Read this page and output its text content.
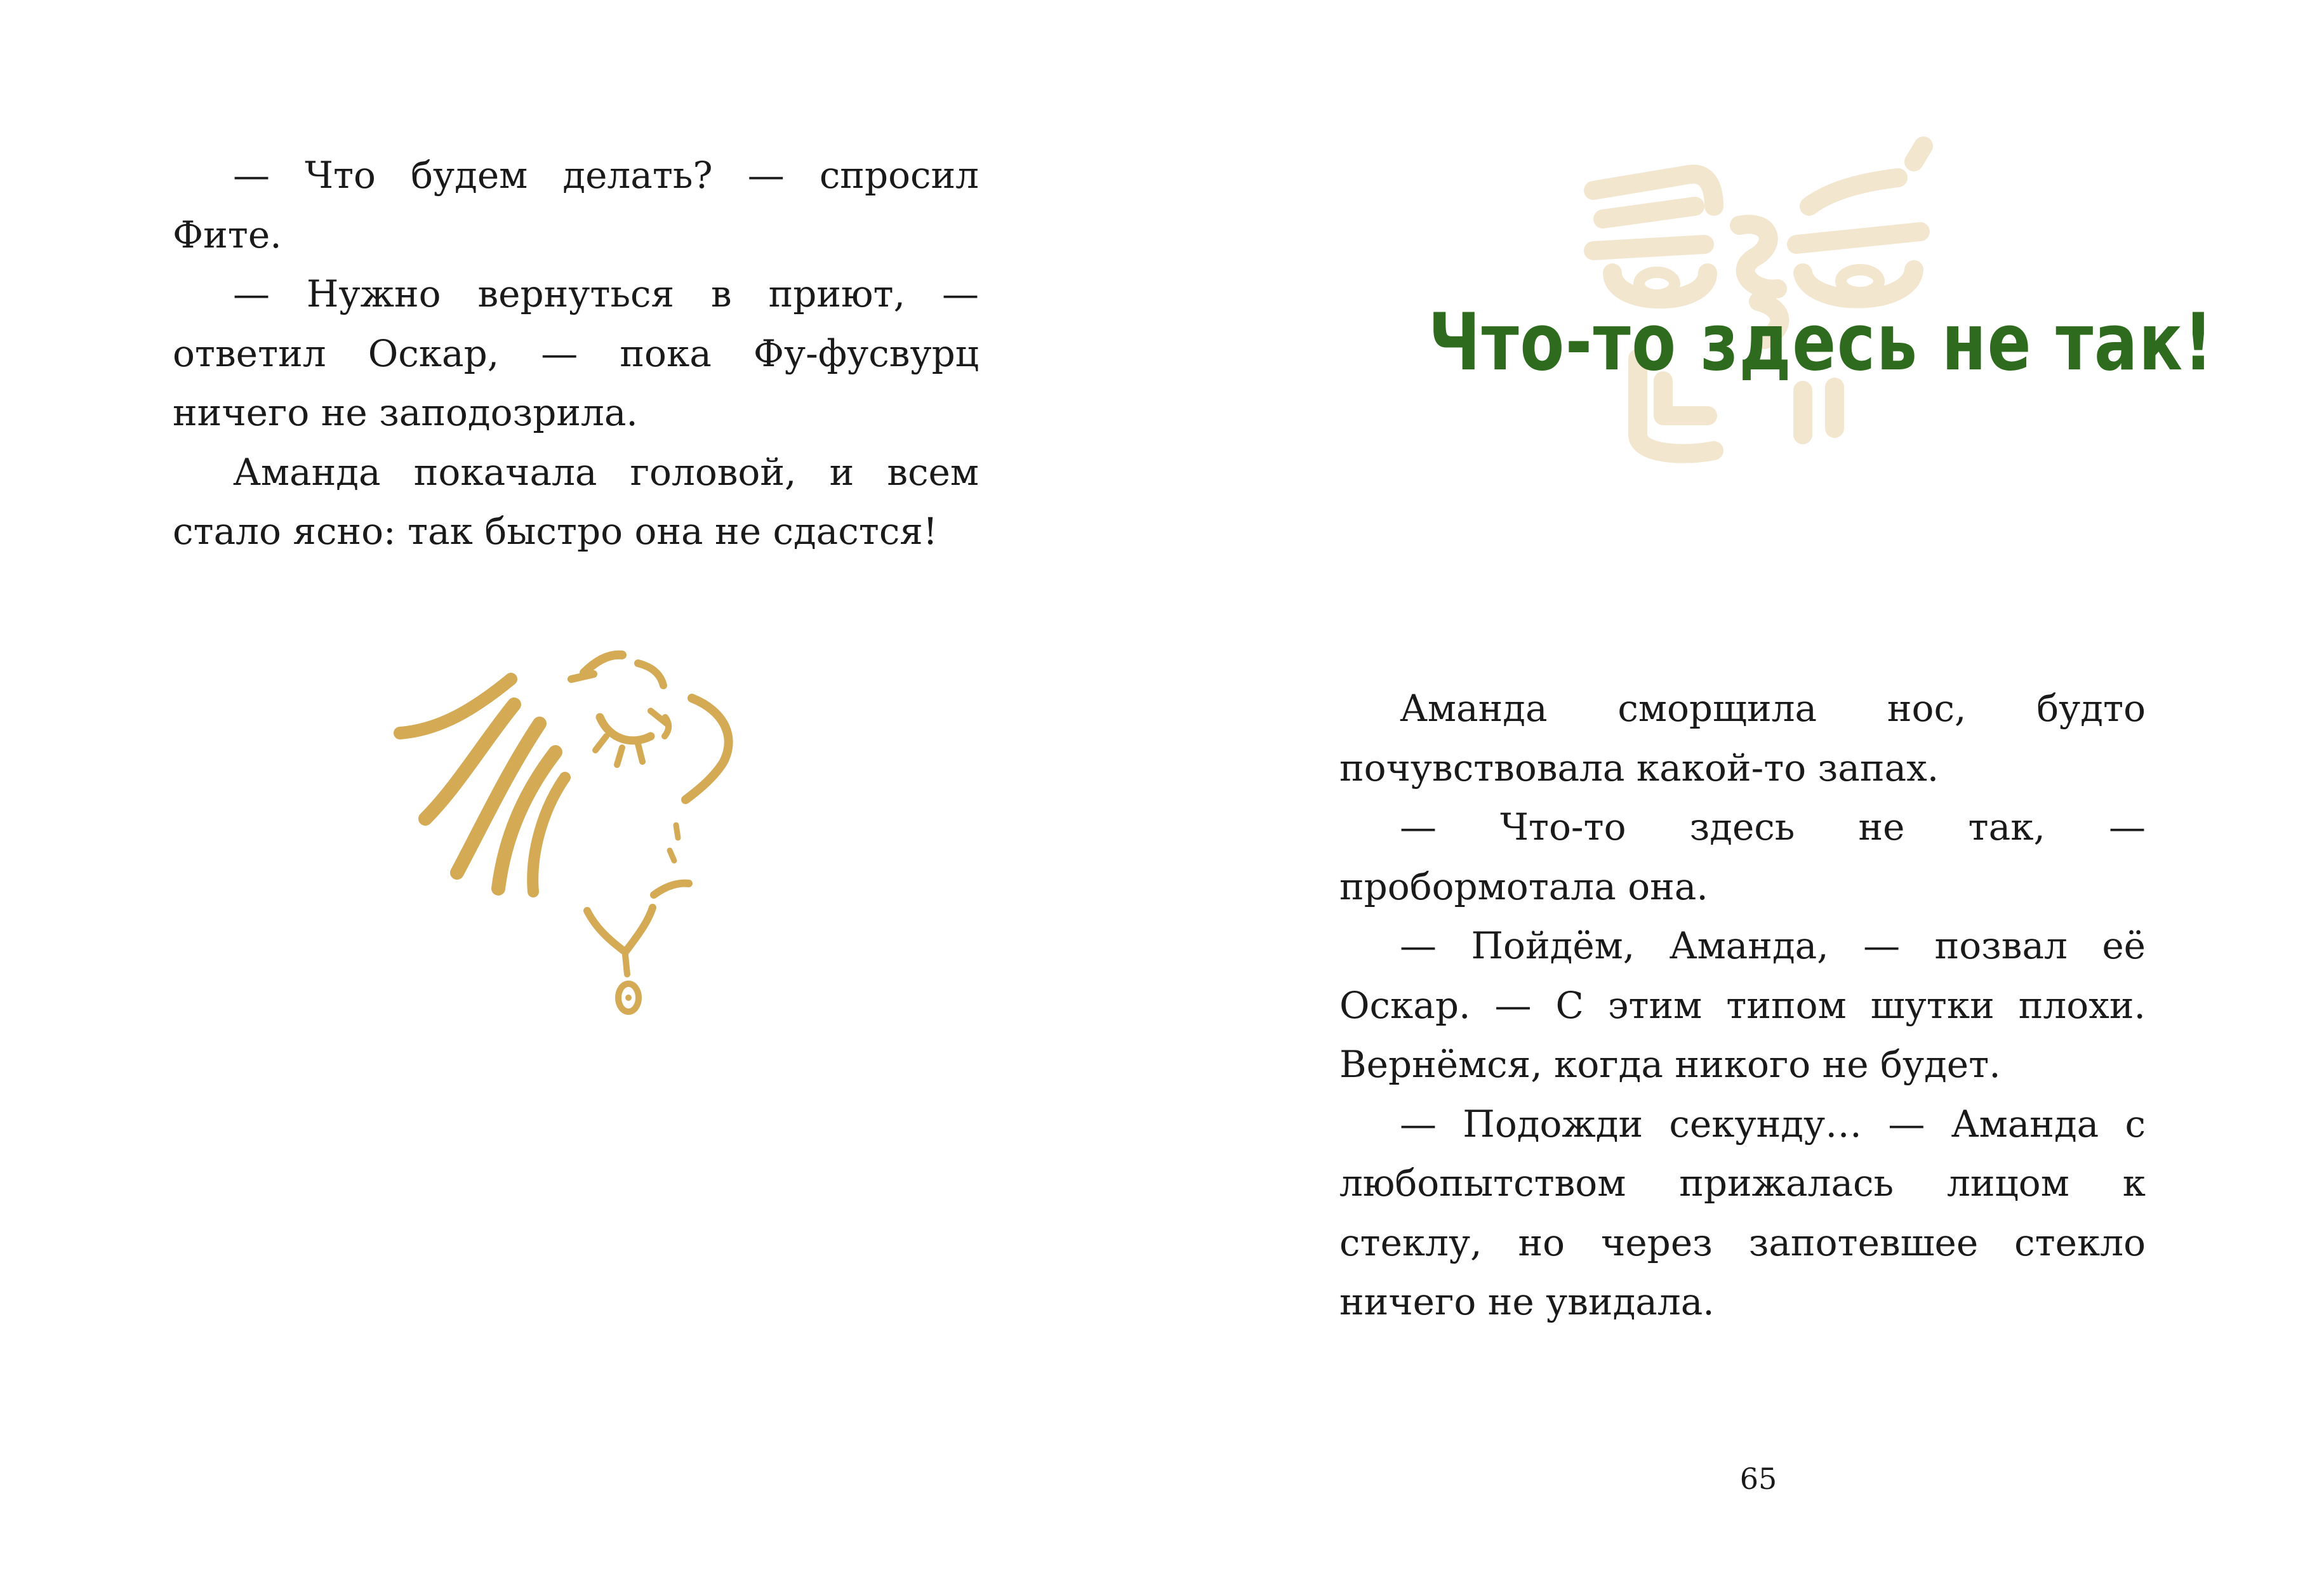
— Что будем делать? — спросил Фите.

— Нужно вернуться в приют, — ответил Оскар, — пока Фу-фусвурц ничего не заподозрила.

Аманда покачала головой, и всем стало ясно: так быстро она не сдастся!

Что-то здесь не так!

Аманда сморщила нос, будто почувствовала какой-то запах.

— Что-то здесь не так, — пробормотала она.

— Пойдём, Аманда, — позвал её Оскар. — С этим типом шутки плохи. Вернёмся, когда никого не будет.

— Подожди секунду… — Аманда с любопытством прижалась лицом к стеклу, но через запотевшее стекло ничего не увидала.

65
